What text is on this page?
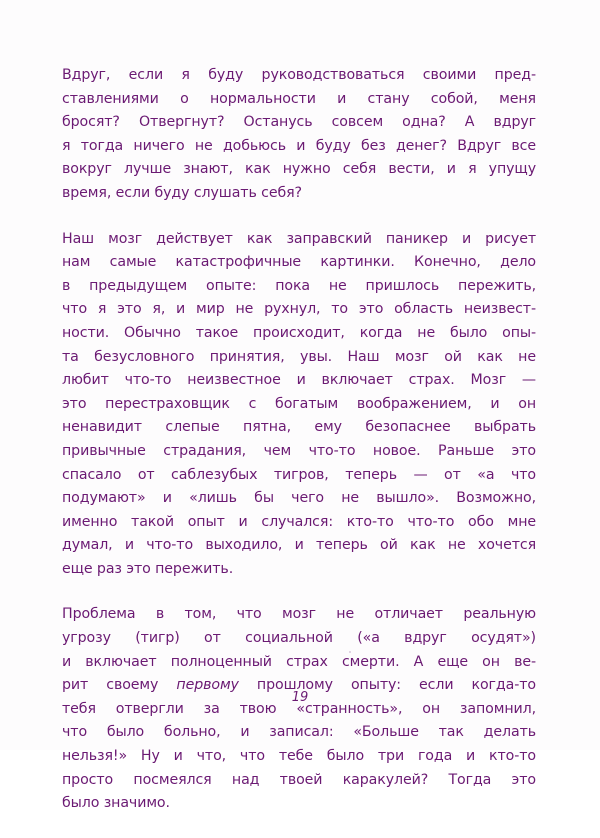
Вдруг, если я буду руководствоваться своими пред-
ставлениями о нормальности и стану собой, меня
бросят? Отвергнут? Останусь совсем одна? А вдруг
я тогда ничего не добьюсь и буду без денег? Вдруг все
вокруг лучше знают, как нужно себя вести, и я упущу
время, если буду слушать себя?

Наш мозг действует как заправский паникер и рисует
нам самые катастрофичные картинки. Конечно, дело
в предыдущем опыте: пока не пришлось пережить,
что я это я, и мир не рухнул, то это область неизвест-
ности. Обычно такое происходит, когда не было опы-
та безусловного принятия, увы. Наш мозг ой как не
любит что-то неизвестное и включает страх. Мозг —
это перестраховщик с богатым воображением, и он
ненавидит слепые пятна, ему безопаснее выбрать
привычные страдания, чем что-то новое. Раньше это
спасало от саблезубых тигров, теперь — от «а что
подумают» и «лишь бы чего не вышло». Возможно,
именно такой опыт и случался: кто-то что-то обо мне
думал, и что-то выходило, и теперь ой как не хочется
еще раз это пережить.

Проблема в том, что мозг не отличает реальную
угрозу (тигр) от социальной («а вдруг осудят»)
и включает полноценный страх смерти. А еще он ве-
рит своему первому прошлому опыту: если когда-то
тебя отвергли за твою «странность», он запомнил,
что было больно, и записал: «Больше так делать
нельзя!» Ну и что, что тебе было три года и кто-то
просто посмеялся над твоей каракулей? Тогда это
было значимо.

19
